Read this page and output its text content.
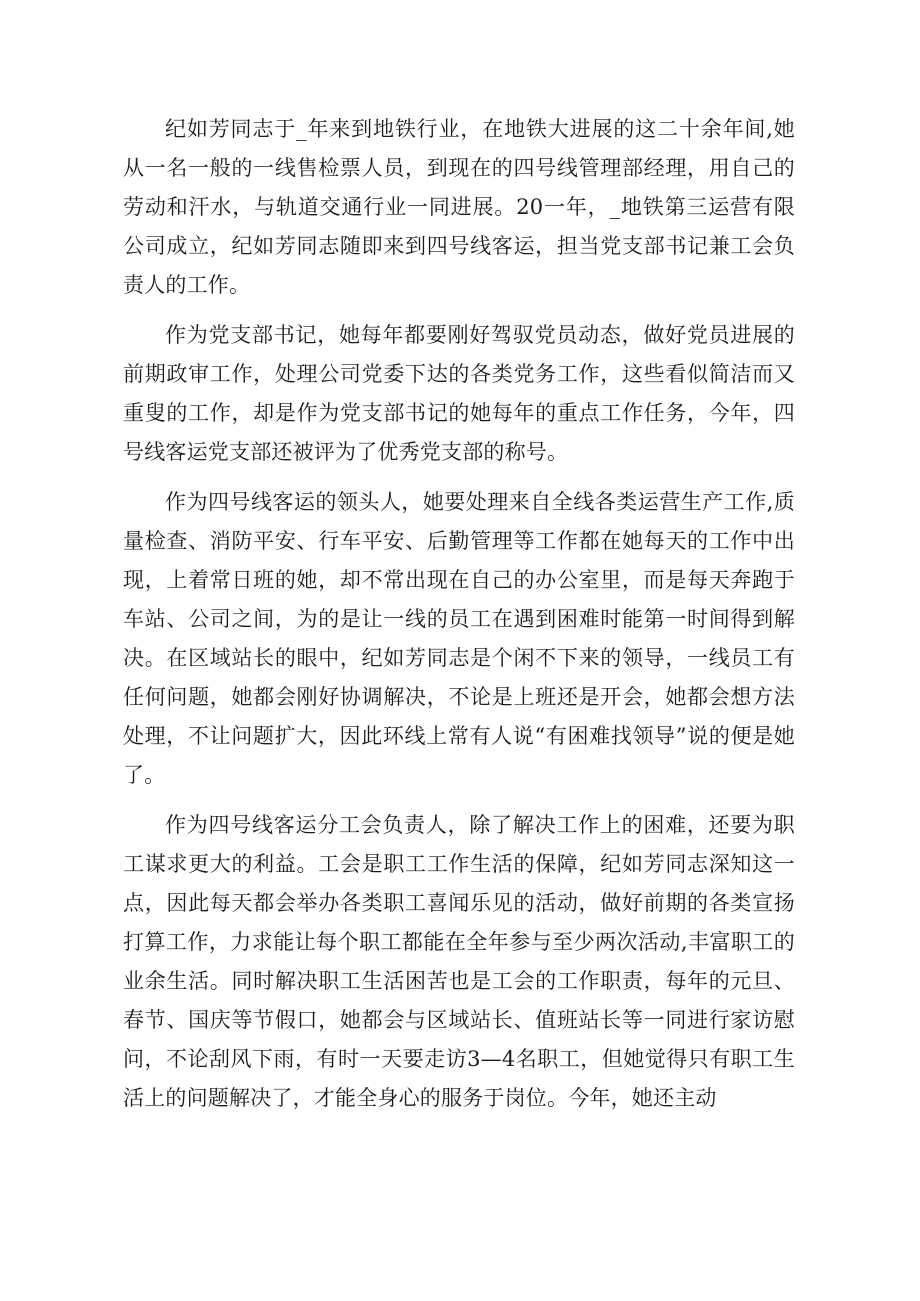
纪如芳同志于_年来到地铁行业，在地铁大进展的这二十余年间,她从一名一般的一线售检票人员，到现在的四号线管理部经理，用自己的劳动和汗水，与轨道交通行业一同进展。20一年，_地铁第三运营有限公司成立，纪如芳同志随即来到四号线客运，担当党支部书记兼工会负责人的工作。

作为党支部书记，她每年都要刚好驾驭党员动态，做好党员进展的前期政审工作，处理公司党委下达的各类党务工作，这些看似简洁而又重叟的工作，却是作为党支部书记的她每年的重点工作任务，今年，四号线客运党支部还被评为了优秀党支部的称号。

作为四号线客运的领头人，她要处理来自全线各类运营生产工作,质量检查、消防平安、行车平安、后勤管理等工作都在她每天的工作中出现，上着常日班的她，却不常出现在自己的办公室里，而是每天奔跑于车站、公司之间，为的是让一线的员工在遇到困难时能第一时间得到解决。在区域站长的眼中，纪如芳同志是个闲不下来的领导，一线员工有任何问题，她都会刚好协调解决，不论是上班还是开会，她都会想方法处理，不让问题扩大，因此环线上常有人说“有困难找领导”说的便是她了。

作为四号线客运分工会负责人，除了解决工作上的困难，还要为职工谋求更大的利益。工会是职工工作生活的保障，纪如芳同志深知这一点，因此每天都会举办各类职工喜闻乐见的活动，做好前期的各类宣扬打算工作，力求能让每个职工都能在全年参与至少两次活动,丰富职工的业余生活。同时解决职工生活困苦也是工会的工作职责，每年的元旦、春节、国庆等节假口，她都会与区域站长、值班站长等一同进行家访慰问，不论刮风下雨，有时一天要走访3—4名职工，但她觉得只有职工生活上的问题解决了，才能全身心的服务于岗位。今年，她还主动
